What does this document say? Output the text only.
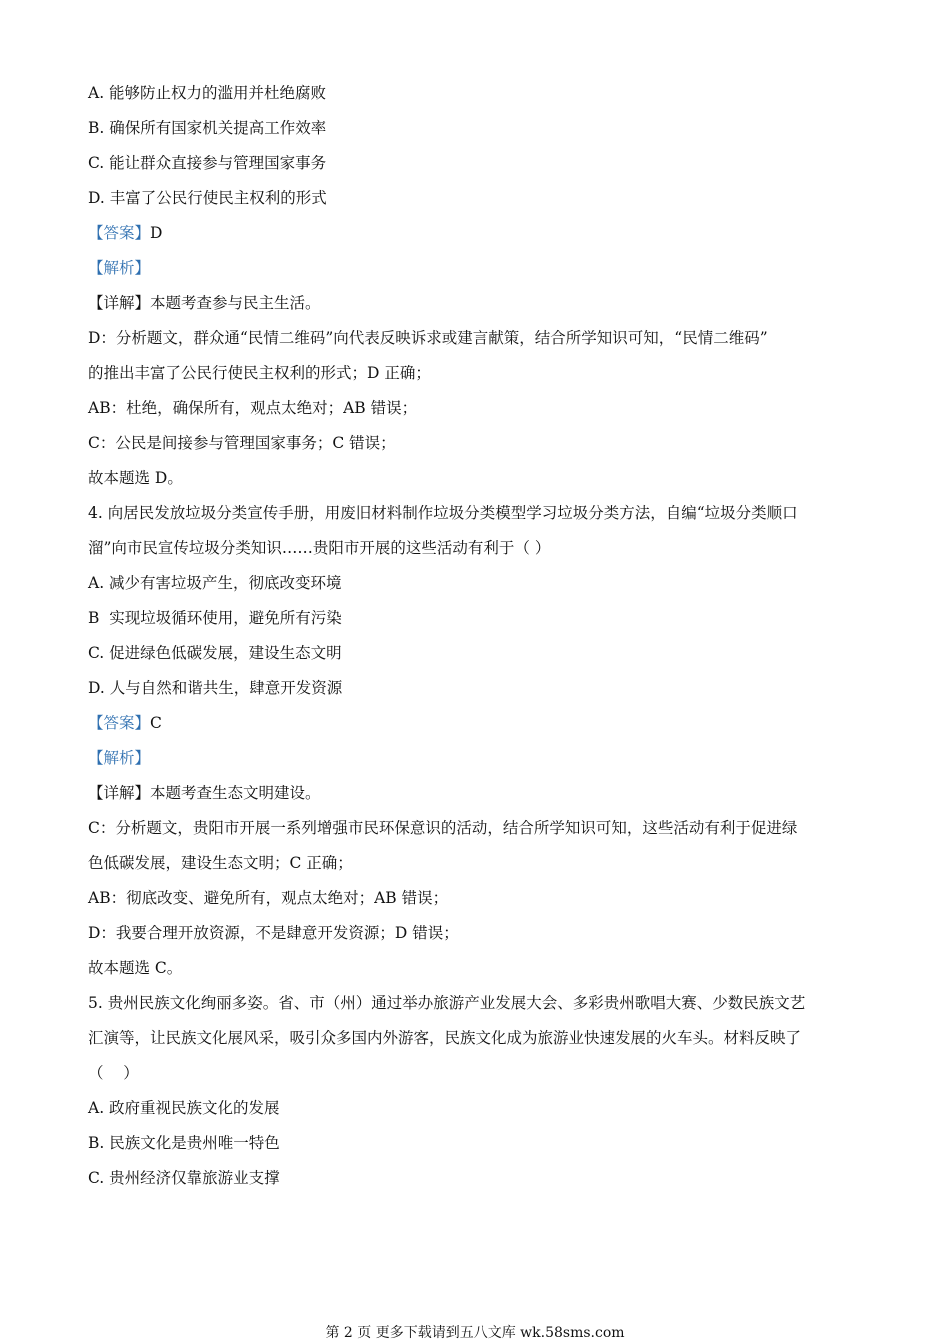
A. 能够防止权力的滥用并杜绝腐败
B. 确保所有国家机关提高工作效率
C. 能让群众直接参与管理国家事务
D. 丰富了公民行使民主权利的形式
【答案】D
【解析】
【详解】本题考查参与民主生活。
D：分析题文，群众通“民情二维码”向代表反映诉求或建言献策，结合所学知识可知，“民情二维码”
的推出丰富了公民行使民主权利的形式；D 正确；
AB：杜绝，确保所有，观点太绝对；AB 错误；
C：公民是间接参与管理国家事务；C 错误；
故本题选 D。
4. 向居民发放垃圾分类宣传手册，用废旧材料制作垃圾分类模型学习垃圾分类方法，自编“垃圾分类顺口
溜”向市民宣传垃圾分类知识……贵阳市开展的这些活动有利于（ ）
A. 减少有害垃圾产生，彻底改变环境
B  实现垃圾循环使用，避免所有污染
C. 促进绿色低碳发展，建设生态文明
D. 人与自然和谐共生，肆意开发资源
【答案】C
【解析】
【详解】本题考查生态文明建设。
C：分析题文，贵阳市开展一系列增强市民环保意识的活动，结合所学知识可知，这些活动有利于促进绿
色低碳发展，建设生态文明；C 正确；
AB：彻底改变、避免所有，观点太绝对；AB 错误；
D：我要合理开放资源，不是肆意开发资源；D 错误；
故本题选 C。
5. 贵州民族文化绚丽多姿。省、市（州）通过举办旅游产业发展大会、多彩贵州歌唱大赛、少数民族文艺
汇演等，让民族文化展风采，吸引众多国内外游客，民族文化成为旅游业快速发展的火车头。材料反映了
（    ）
A. 政府重视民族文化的发展
B. 民族文化是贵州唯一特色
C. 贵州经济仅靠旅游业支撑
第 2 页 更多下载请到五八文库 wk.58sms.com
